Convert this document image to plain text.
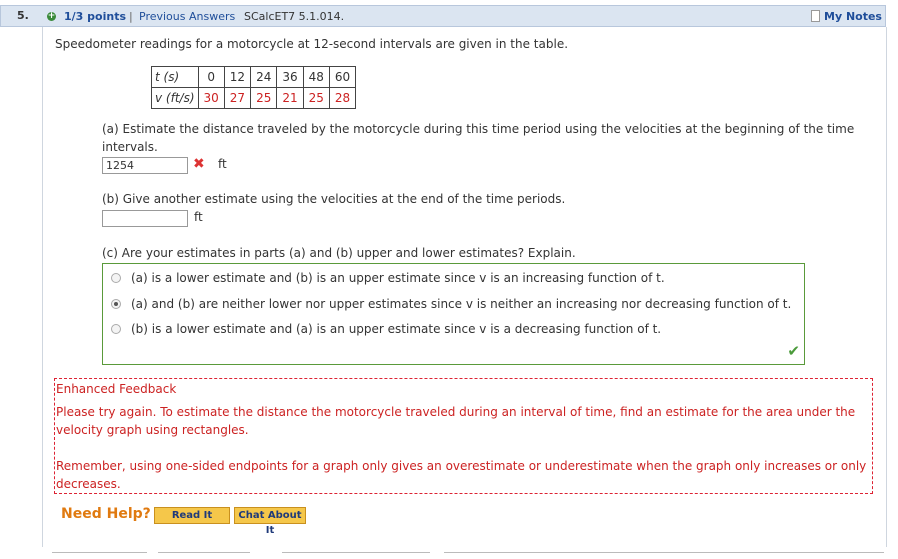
5. + 1/3 points | Previous Answers SCalcET7 5.1.014.	My Notes
Speedometer readings for a motorcycle at 12-second intervals are given in the table.
t (s)	0	12	24	36	48	60
v (ft/s)	30	27	25	21	25	28
(a) Estimate the distance traveled by the motorcycle during this time period using the velocities at the beginning of the time intervals.
1254
✖ ft
(b) Give another estimate using the velocities at the end of the time periods.
ft
(c) Are your estimates in parts (a) and (b) upper and lower estimates? Explain.
(a) is a lower estimate and (b) is an upper estimate since v is an increasing function of t.
(a) and (b) are neither lower nor upper estimates since v is neither an increasing nor decreasing function of t.
(b) is a lower estimate and (a) is an upper estimate since v is a decreasing function of t.
✔
Enhanced Feedback
Please try again. To estimate the distance the motorcycle traveled during an interval of time, find an estimate for the area under the velocity graph using rectangles.
Remember, using one-sided endpoints for a graph only gives an overestimate or underestimate when the graph only increases or only decreases.
Need Help?	Read It	Chat About It
